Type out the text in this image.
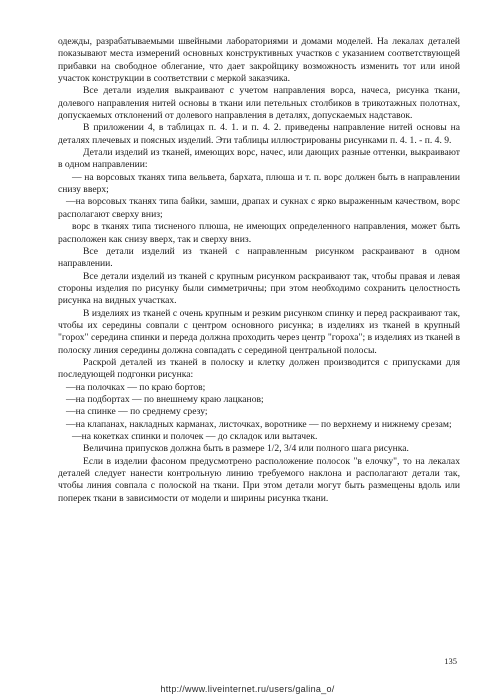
одежды, разрабатываемыми швейными лабораториями и домами моделей. На лекалах деталей показывают места измерений основных конструктивных участков с указанием соответствующей прибавки на свободное облегание, что дает закройщику возможность изменить тот или иной участок конструкции в соответствии с меркой заказчика.

Все детали изделия выкраивают с учетом направления ворса, начеса, рисунка ткани, долевого направления нитей основы в ткани или петельных столбиков в трикотажных полотнах, допускаемых отклонений от долевого направления в деталях, допускаемых надставок.

В приложении 4, в таблицах п. 4. 1. и п. 4. 2. приведены направление нитей основы на деталях плечевых и поясных изделий. Эти таблицы иллюстрированы рисунками п. 4. 1. - п. 4. 9.

Детали изделий из тканей, имеющих ворс, начес, или дающих разные оттенки, выкраивают в одном направлении:

— на ворсовых тканях типа вельвета, бархата, плюша и т. п. ворс должен быть в направлении снизу вверх;

—на ворсовых тканях типа байки, замши, драпах и сукнах с ярко выраженным качеством, ворс располагают сверху вниз;

ворс в тканях типа тисненого плюша, не имеющих определенного направления, может быть расположен как снизу вверх, так и сверху вниз.

Все детали изделий из тканей с направленным рисунком раскраивают в одном направлении.

Все детали изделий из тканей с крупным рисунком раскраивают так, чтобы правая и левая стороны изделия по рисунку были симметричны; при этом необходимо сохранить целостность рисунка на видных участках.

В изделиях из тканей с очень крупным и резким рисунком спинку и перед раскраивают так, чтобы их середины совпали с центром основного рисунка; в изделиях из тканей в крупный "горох" середина спинки и переда должна проходить через центр "гороха"; в изделиях из тканей в полоску линия середины должна совпадать с серединой центральной полосы.

Раскрой деталей из тканей в полоску и клетку должен производится с припусками для последующей подгонки рисунка:

—на полочках — по краю бортов;

—на подбортах — по внешнему краю лацканов;

—на спинке — по среднему срезу;

—на клапанах, накладных карманах, листочках, воротнике — по верхнему и нижнему срезам;

—на кокетках спинки и полочек — до складок или вытачек.

Величина припусков должна быть в размере 1/2, 3/4 или полного шага рисунка.

Если в изделии фасоном предусмотрено расположение полосок "в елочку", то на лекалах деталей следует нанести контрольную линию требуемого наклона и располагают детали так, чтобы линия совпала с полоской на ткани. При этом детали могут быть размещены вдоль или поперек ткани в зависимости от модели и ширины рисунка ткани.

135
http://www.liveinternet.ru/users/galina_o/
